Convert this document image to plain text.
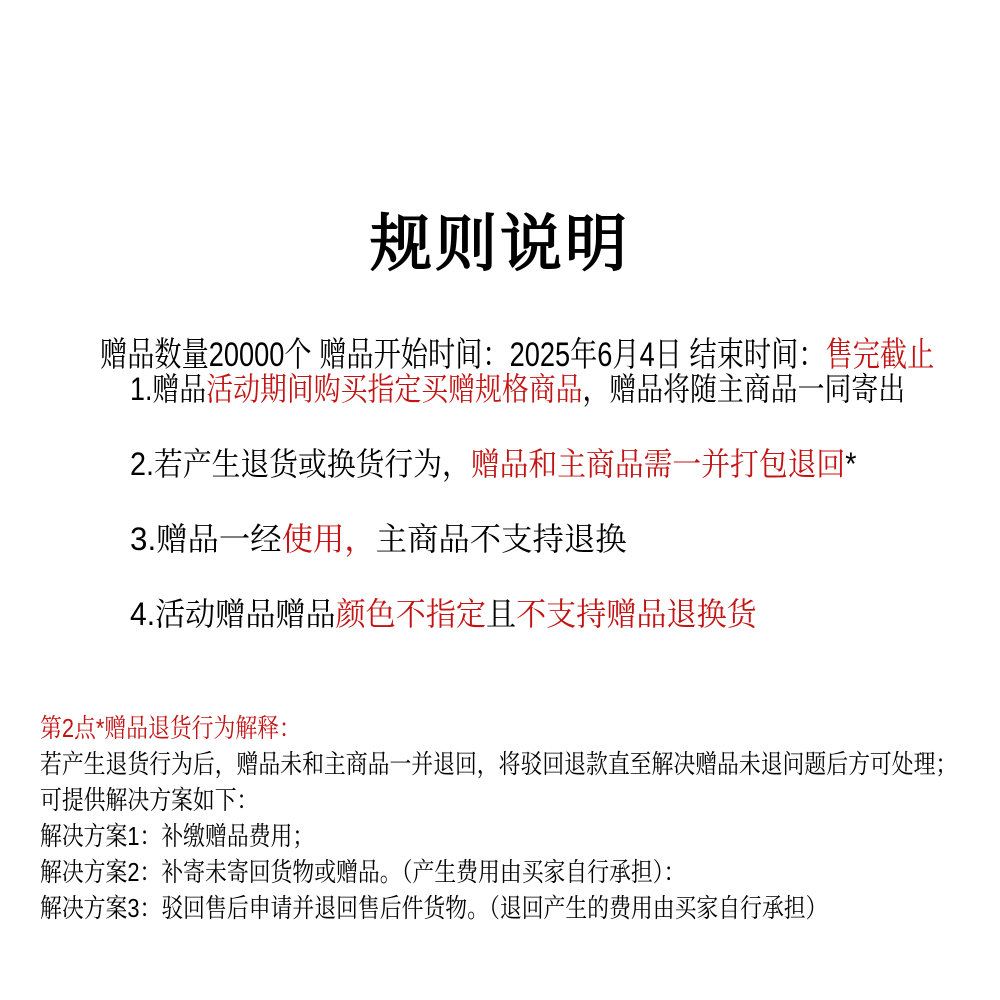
规则说明

赠品数量20000个 赠品开始时间：2025年6月4日 结束时间：售完截止

1.赠品活动期间购买指定买赠规格商品，赠品将随主商品一同寄出

2.若产生退货或换货行为，赠品和主商品需一并打包退回*

3.赠品一经使用，主商品不支持退换

4.活动赠品赠品颜色不指定且不支持赠品退换货

第2点*赠品退货行为解释：

若产生退货行为后，赠品未和主商品一并退回，将驳回退款直至解决赠品未退问题后方可处理；

可提供解决方案如下：

解决方案1：补缴赠品费用；

解决方案2：补寄未寄回货物或赠品。（产生费用由买家自行承担）：

解决方案3：驳回售后申请并退回售后件货物。（退回产生的费用由买家自行承担）
